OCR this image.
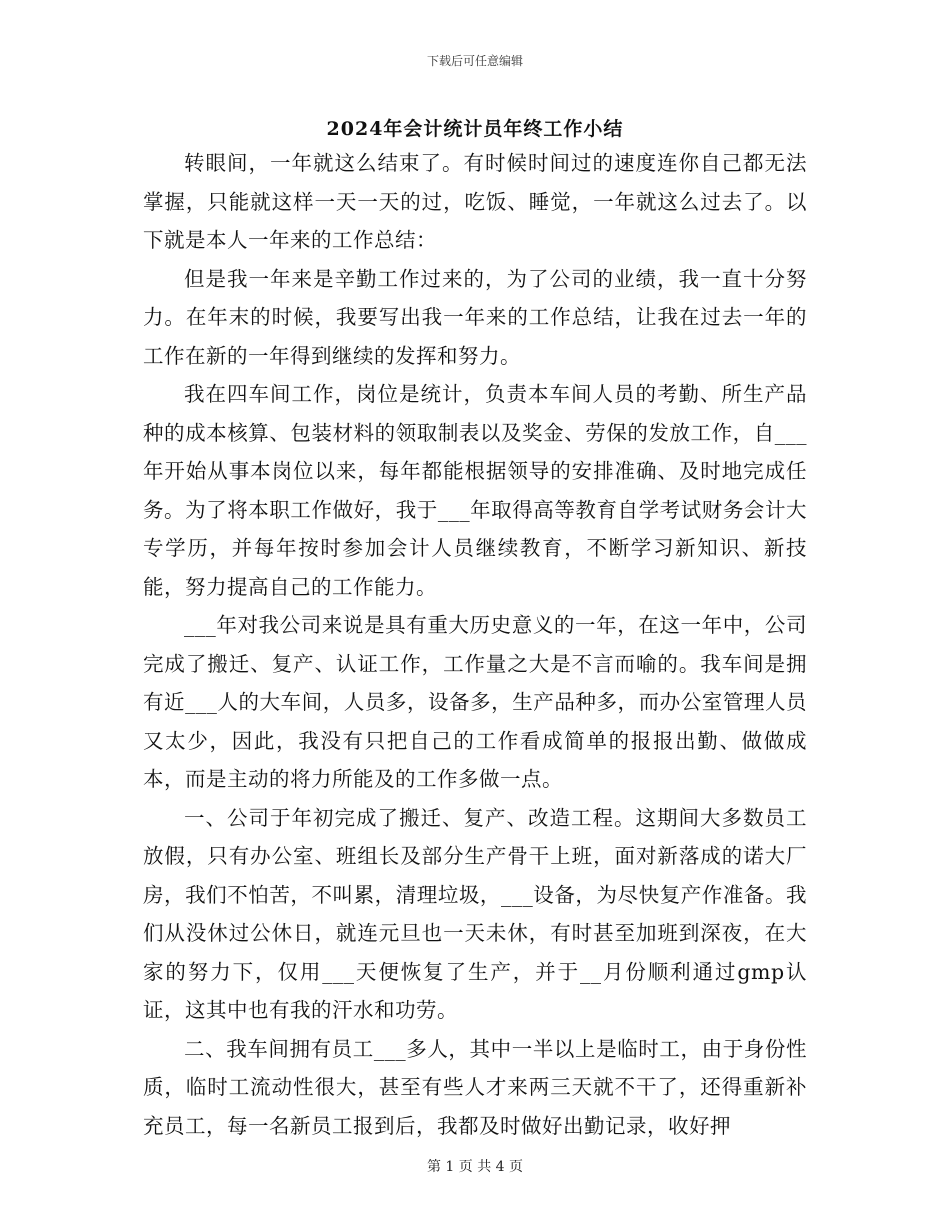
下载后可任意编辑
2024年会计统计员年终工作小结

转眼间，一年就这么结束了。有时候时间过的速度连你自己都无法掌握，只能就这样一天一天的过，吃饭、睡觉，一年就这么过去了。以下就是本人一年来的工作总结：

但是我一年来是辛勤工作过来的，为了公司的业绩，我一直十分努力。在年末的时候，我要写出我一年来的工作总结，让我在过去一年的工作在新的一年得到继续的发挥和努力。

我在四车间工作，岗位是统计，负责本车间人员的考勤、所生产品种的成本核算、包装材料的领取制表以及奖金、劳保的发放工作，自___年开始从事本岗位以来，每年都能根据领导的安排准确、及时地完成任务。为了将本职工作做好，我于___年取得高等教育自学考试财务会计大专学历，并每年按时参加会计人员继续教育，不断学习新知识、新技能，努力提高自己的工作能力。

___年对我公司来说是具有重大历史意义的一年，在这一年中，公司完成了搬迁、复产、认证工作，工作量之大是不言而喻的。我车间是拥有近___人的大车间，人员多，设备多，生产品种多，而办公室管理人员又太少，因此，我没有只把自己的工作看成简单的报报出勤、做做成本，而是主动的将力所能及的工作多做一点。

一、公司于年初完成了搬迁、复产、改造工程。这期间大多数员工放假，只有办公室、班组长及部分生产骨干上班，面对新落成的诺大厂房，我们不怕苦，不叫累，清理垃圾，___设备，为尽快复产作准备。我们从没休过公休日，就连元旦也一天未休，有时甚至加班到深夜，在大家的努力下，仅用___天便恢复了生产，并于__月份顺利通过gmp认证，这其中也有我的汗水和功劳。

二、我车间拥有员工___多人，其中一半以上是临时工，由于身份性质，临时工流动性很大，甚至有些人才来两三天就不干了，还得重新补充员工，每一名新员工报到后，我都及时做好出勤记录，收好押

第 1 页 共 4 页
